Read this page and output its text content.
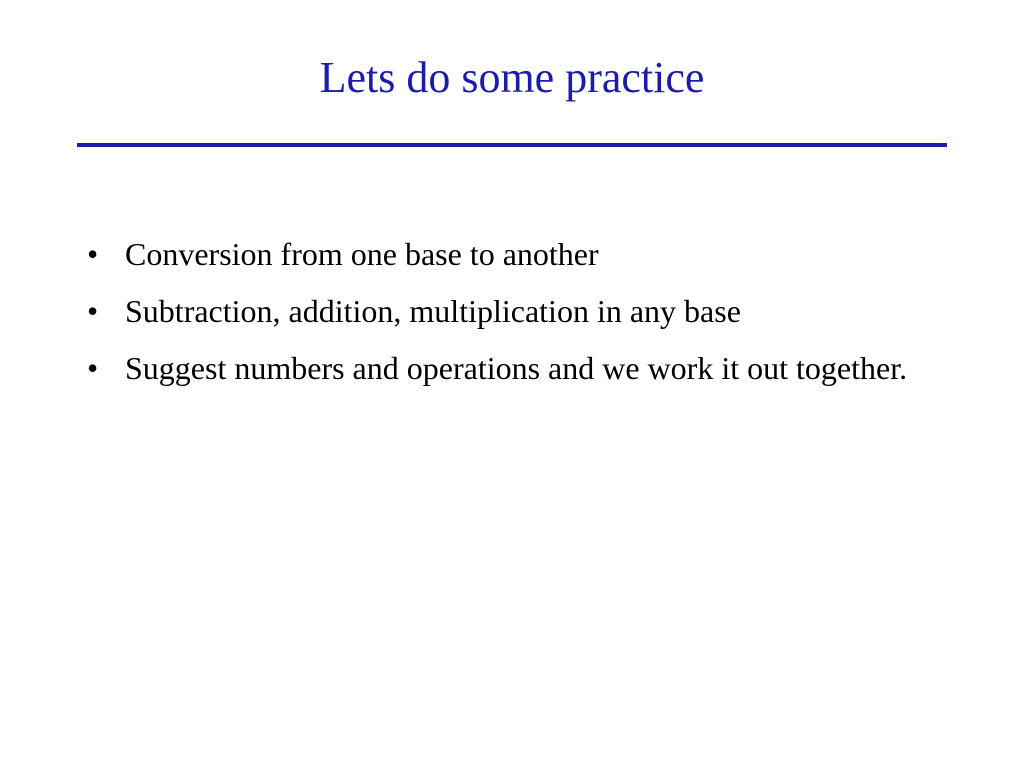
Lets do some practice
• Conversion from one base to another
• Subtraction, addition, multiplication in any base
• Suggest numbers and operations and we work it out together.
